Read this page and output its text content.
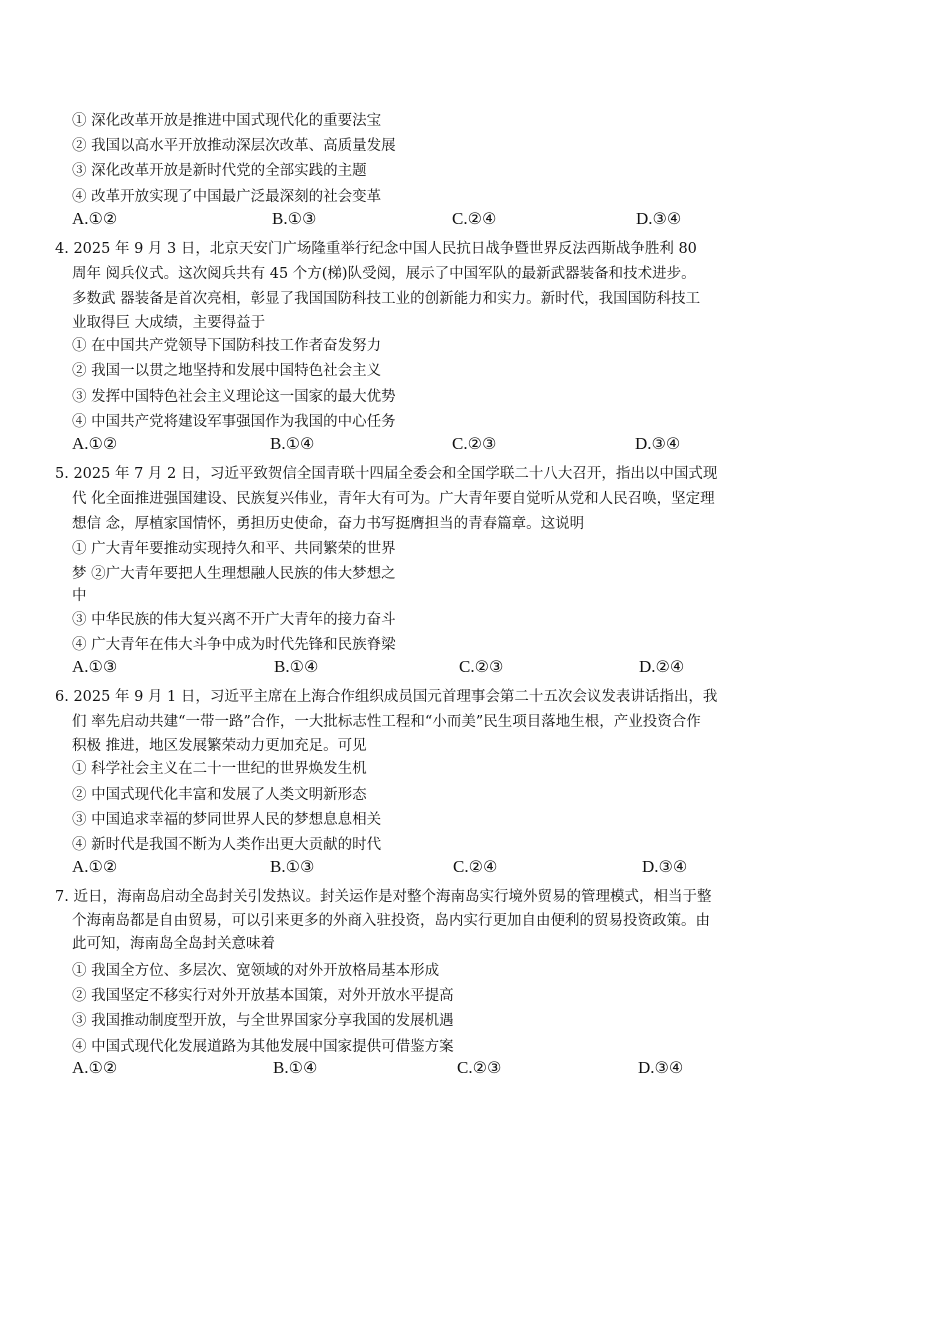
① 深化改革开放是推进中国式现代化的重要法宝
② 我国以高水平开放推动深层次改革、高质量发展
③ 深化改革开放是新时代党的全部实践的主题
④ 改革开放实现了中国最广泛最深刻的社会变革
A.①②	B.①③	C.②④	D.③④
4. 2025 年 9 月 3 日，北京天安门广场隆重举行纪念中国人民抗日战争暨世界反法西斯战争胜利 80
周年 阅兵仪式。这次阅兵共有 45 个方(梯)队受阅，展示了中国军队的最新武器装备和技术进步。
多数武 器装备是首次亮相，彰显了我国国防科技工业的创新能力和实力。新时代，我国国防科技工
业取得巨 大成绩，主要得益于
① 在中国共产党领导下国防科技工作者奋发努力
② 我国一以贯之地坚持和发展中国特色社会主义
③ 发挥中国特色社会主义理论这一国家的最大优势
④ 中国共产党将建设军事强国作为我国的中心任务
A.①②	B.①④	C.②③	D.③④
5. 2025 年 7 月 2 日，习近平致贺信全国青联十四届全委会和全国学联二十八大召开，指出以中国式现
代 化全面推进强国建设、民族复兴伟业，青年大有可为。广大青年要自觉听从党和人民召唤，坚定理
想信 念，厚植家国情怀，勇担历史使命，奋力书写挺膺担当的青春篇章。这说明
① 广大青年要推动实现持久和平、共同繁荣的世界
梦 ②广大青年要把人生理想融人民族的伟大梦想之
中
③ 中华民族的伟大复兴离不开广大青年的接力奋斗
④ 广大青年在伟大斗争中成为时代先锋和民族脊梁
A.①③	B.①④	C.②③	D.②④
6. 2025 年 9 月 1 日，习近平主席在上海合作组织成员国元首理事会第二十五次会议发表讲话指出，我
们 率先启动共建“一带一路”合作，一大批标志性工程和“小而美”民生项目落地生根，产业投资合作
积极 推进，地区发展繁荣动力更加充足。可见
① 科学社会主义在二十一世纪的世界焕发生机
② 中国式现代化丰富和发展了人类文明新形态
③ 中国追求幸福的梦同世界人民的梦想息息相关
④ 新时代是我国不断为人类作出更大贡献的时代
A.①②	B.①③	C.②④	D.③④
7. 近日，海南岛启动全岛封关引发热议。封关运作是对整个海南岛实行境外贸易的管理模式，相当于整
个海南岛都是自由贸易，可以引来更多的外商入驻投资，岛内实行更加自由便利的贸易投资政策。由
此可知，海南岛全岛封关意味着
① 我国全方位、多层次、宽领域的对外开放格局基本形成
② 我国坚定不移实行对外开放基本国策，对外开放水平提高
③ 我国推动制度型开放，与全世界国家分享我国的发展机遇
④ 中国式现代化发展道路为其他发展中国家提供可借鉴方案
A.①②	B.①④	C.②③	D.③④
